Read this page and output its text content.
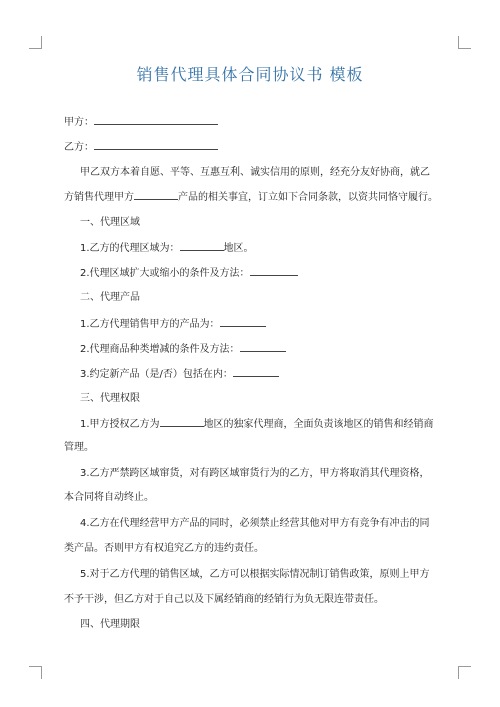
销售代理具体合同协议书 模板
甲方：
乙方：
甲乙双方本着自愿、平等、互惠互利、诚实信用的原则，经充分友好协商，就乙
方销售代理甲方	产品的相关事宜，订立如下合同条款，以资共同恪守履行。
一、代理区域
1.乙方的代理区域为：	地区。
2.代理区域扩大或缩小的条件及方法：
二、代理产品
1.乙方代理销售甲方的产品为：
2.代理商品种类增减的条件及方法：
3.约定新产品（是/否）包括在内：
三、代理权限
1.甲方授权乙方为	地区的独家代理商，全面负责该地区的销售和经销商
管理。
3.乙方严禁跨区域窜货，对有跨区域窜货行为的乙方，甲方将取消其代理资格，
本合同将自动终止。
4.乙方在代理经营甲方产品的同时，必须禁止经营其他对甲方有竞争有冲击的同
类产品。否则甲方有权追究乙方的违约责任。
5.对于乙方代理的销售区域，乙方可以根据实际情况制订销售政策，原则上甲方
不予干涉，但乙方对于自己以及下属经销商的经销行为负无限连带责任。
四、代理期限
